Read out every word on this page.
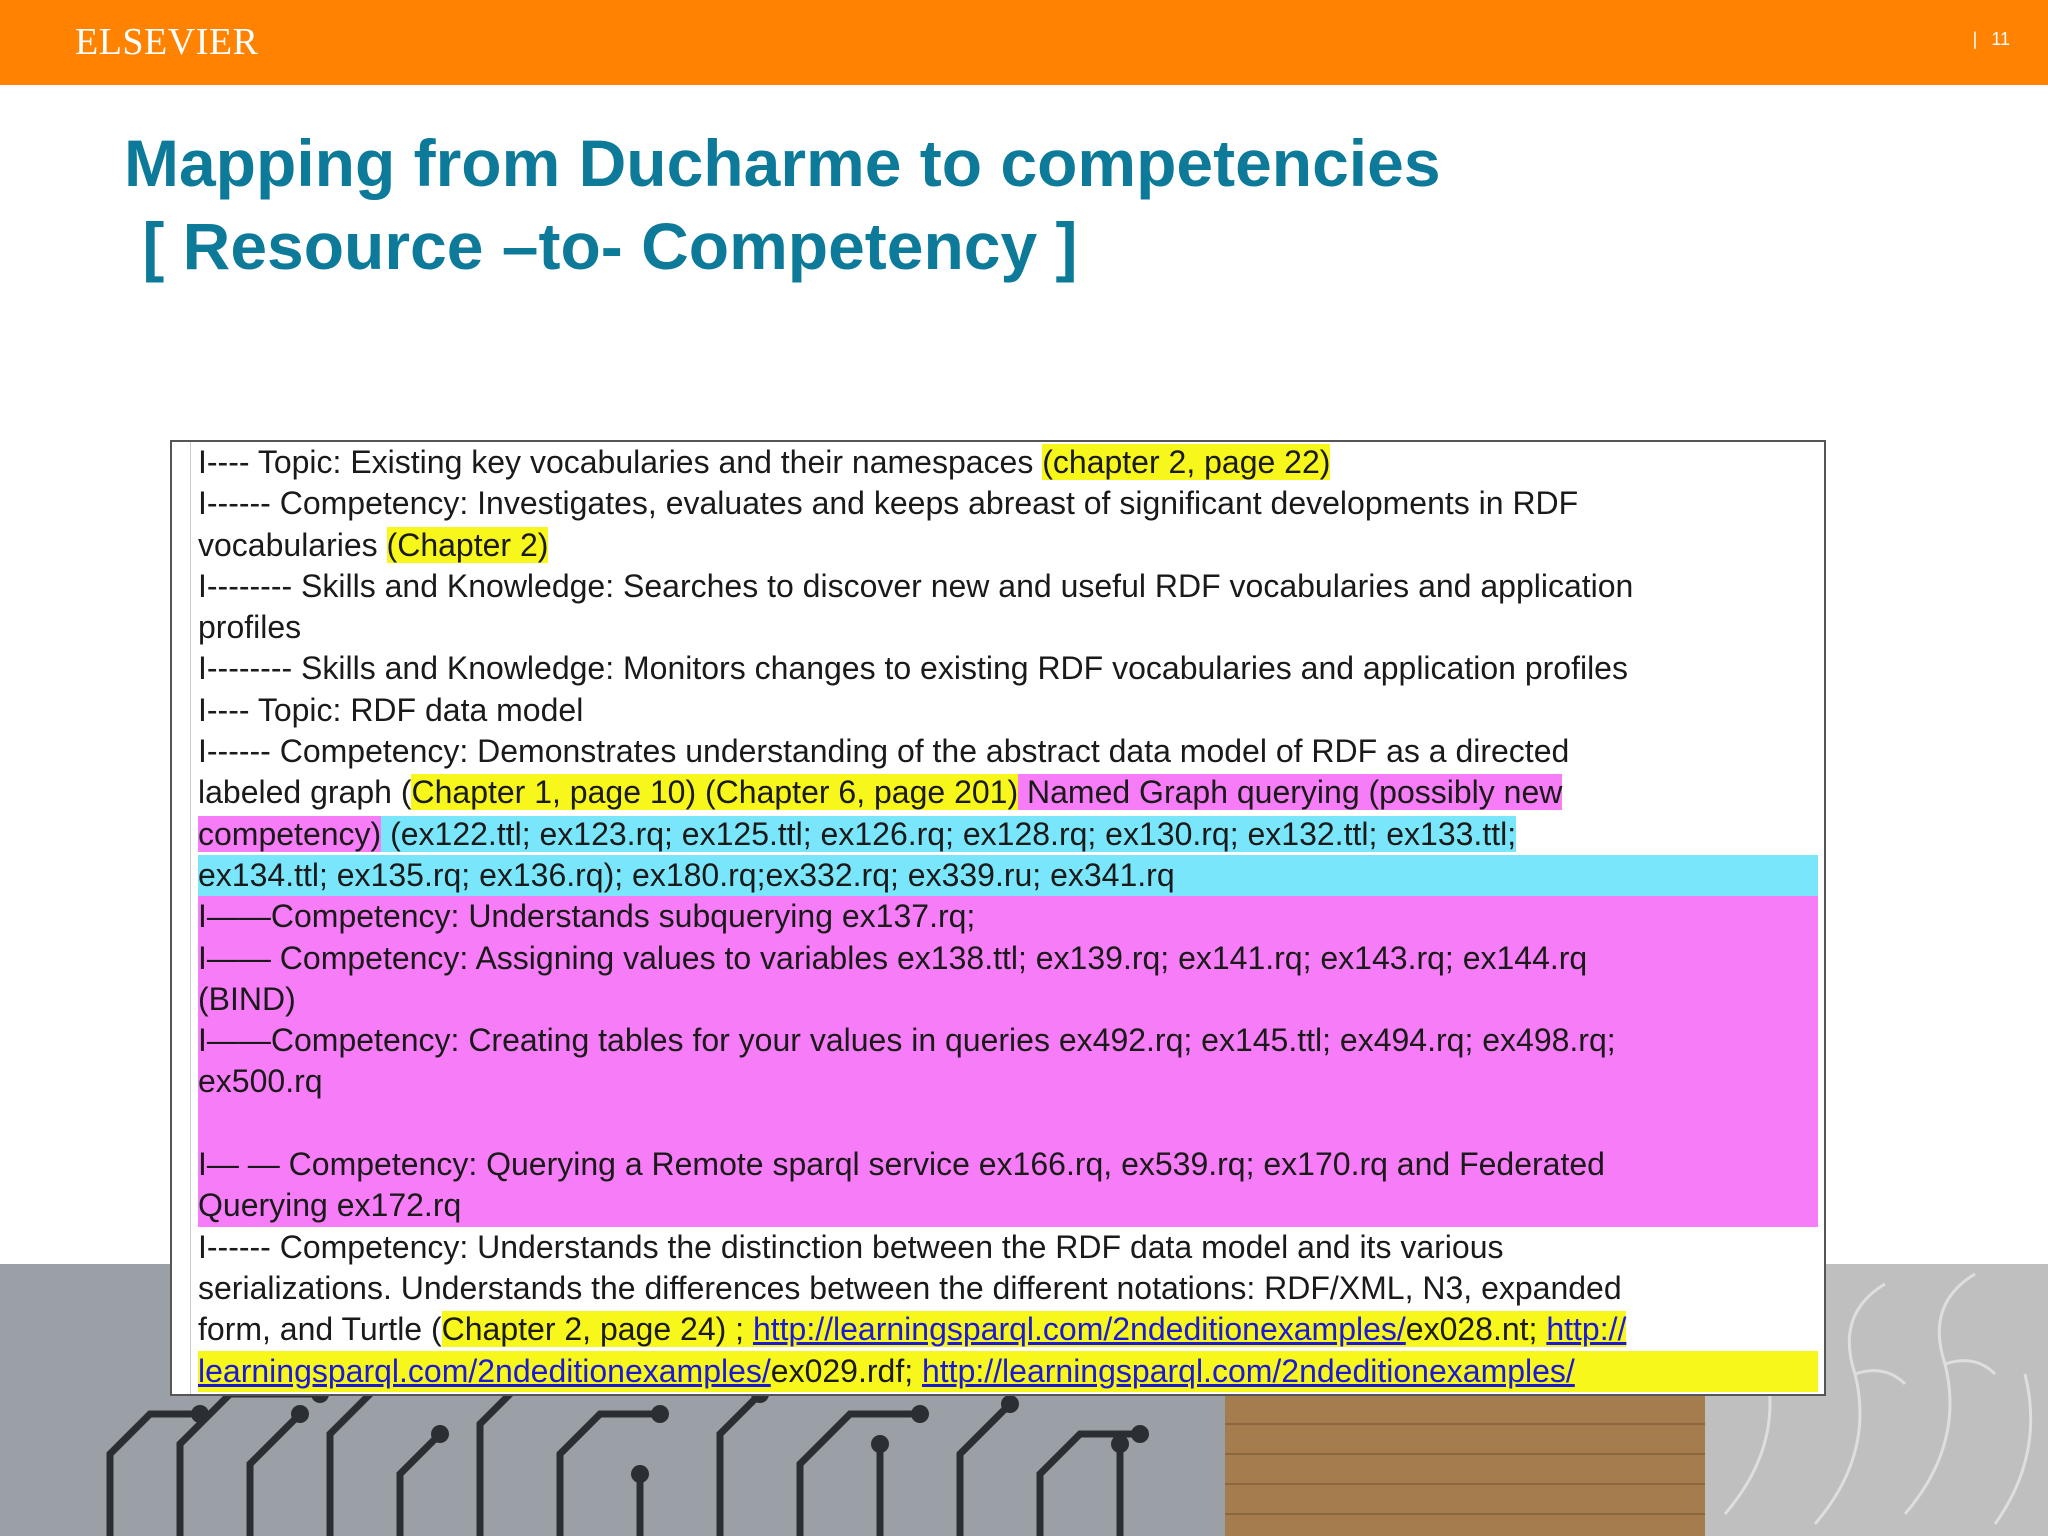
ELSEVIER	| 11
Mapping from Ducharme to competencies
[ Resource –to- Competency ]
I---- Topic: Existing key vocabularies and their namespaces (chapter 2, page 22)
I------ Competency: Investigates, evaluates and keeps abreast of significant developments in RDF
vocabularies (Chapter 2)
I-------- Skills and Knowledge: Searches to discover new and useful RDF vocabularies and application
profiles
I-------- Skills and Knowledge: Monitors changes to existing RDF vocabularies and application profiles
I---- Topic: RDF data model
I------ Competency: Demonstrates understanding of the abstract data model of RDF as a directed
labeled graph (Chapter 1, page 10) (Chapter 6, page 201) Named Graph querying (possibly new
competency) (ex122.ttl; ex123.rq; ex125.ttl; ex126.rq; ex128.rq; ex130.rq; ex132.ttl; ex133.ttl;
ex134.ttl; ex135.rq; ex136.rq); ex180.rq;ex332.rq; ex339.ru; ex341.rq
I——Competency: Understands subquerying ex137.rq;
I—— Competency: Assigning values to variables ex138.ttl; ex139.rq; ex141.rq; ex143.rq; ex144.rq
(BIND)
I——Competency: Creating tables for your values in queries ex492.rq; ex145.ttl; ex494.rq; ex498.rq;
ex500.rq
I— — Competency: Querying a Remote sparql service ex166.rq, ex539.rq; ex170.rq and Federated
Querying ex172.rq
I------ Competency: Understands the distinction between the RDF data model and its various
serializations. Understands the differences between the different notations: RDF/XML, N3, expanded
form, and Turtle (Chapter 2, page 24) ; http://learningsparql.com/2ndeditionexamples/ex028.nt; http://
learningsparql.com/2ndeditionexamples/ex029.rdf; http://learningsparql.com/2ndeditionexamples/
